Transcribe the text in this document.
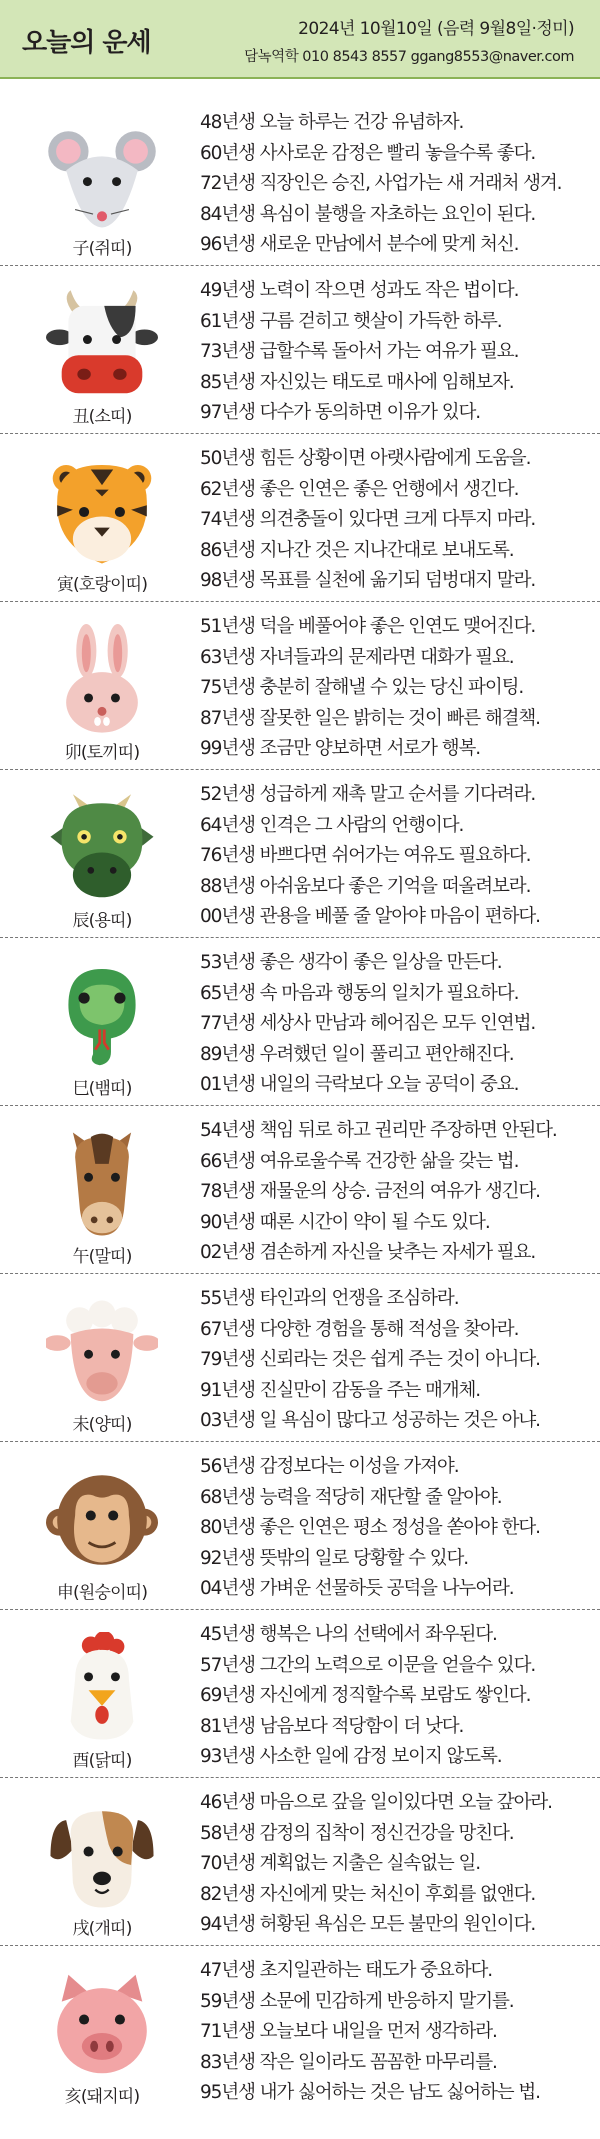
오늘의 운세	2024년 10월10일 (음력 9월8일·정미)
담녹역학 010 8543 8557 ggang8553@naver.com
子(쥐띠)
48년생 오늘 하루는 건강 유념하자.
60년생 사사로운 감정은 빨리 놓을수록 좋다.
72년생 직장인은 승진, 사업가는 새 거래처 생겨.
84년생 욕심이 불행을 자초하는 요인이 된다.
96년생 새로운 만남에서 분수에 맞게 처신.
丑(소띠)
49년생 노력이 작으면 성과도 작은 법이다.
61년생 구름 걷히고 햇살이 가득한 하루.
73년생 급할수록 돌아서 가는 여유가 필요.
85년생 자신있는 태도로 매사에 임해보자.
97년생 다수가 동의하면 이유가 있다.
寅(호랑이띠)
50년생 힘든 상황이면 아랫사람에게 도움을.
62년생 좋은 인연은 좋은 언행에서 생긴다.
74년생 의견충돌이 있다면 크게 다투지 마라.
86년생 지나간 것은 지나간대로 보내도록.
98년생 목표를 실천에 옮기되 덤벙대지 말라.
卯(토끼띠)
51년생 덕을 베풀어야 좋은 인연도 맺어진다.
63년생 자녀들과의 문제라면 대화가 필요.
75년생 충분히 잘해낼 수 있는 당신 파이팅.
87년생 잘못한 일은 밝히는 것이 빠른 해결책.
99년생 조금만 양보하면 서로가 행복.
辰(용띠)
52년생 성급하게 재촉 말고 순서를 기다려라.
64년생 인격은 그 사람의 언행이다.
76년생 바쁘다면 쉬어가는 여유도 필요하다.
88년생 아쉬움보다 좋은 기억을 떠올려보라.
00년생 관용을 베풀 줄 알아야 마음이 편하다.
巳(뱀띠)
53년생 좋은 생각이 좋은 일상을 만든다.
65년생 속 마음과 행동의 일치가 필요하다.
77년생 세상사 만남과 헤어짐은 모두 인연법.
89년생 우려했던 일이 풀리고 편안해진다.
01년생 내일의 극락보다 오늘 공덕이 중요.
午(말띠)
54년생 책임 뒤로 하고 권리만 주장하면 안된다.
66년생 여유로울수록 건강한 삶을 갖는 법.
78년생 재물운의 상승. 금전의 여유가 생긴다.
90년생 때론 시간이 약이 될 수도 있다.
02년생 겸손하게 자신을 낮추는 자세가 필요.
未(양띠)
55년생 타인과의 언쟁을 조심하라.
67년생 다양한 경험을 통해 적성을 찾아라.
79년생 신뢰라는 것은 쉽게 주는 것이 아니다.
91년생 진실만이 감동을 주는 매개체.
03년생 일 욕심이 많다고 성공하는 것은 아냐.
申(원숭이띠)
56년생 감정보다는 이성을 가져야.
68년생 능력을 적당히 재단할 줄 알아야.
80년생 좋은 인연은 평소 정성을 쏟아야 한다.
92년생 뜻밖의 일로 당황할 수 있다.
04년생 가벼운 선물하듯 공덕을 나누어라.
酉(닭띠)
45년생 행복은 나의 선택에서 좌우된다.
57년생 그간의 노력으로 이문을 얻을수 있다.
69년생 자신에게 정직할수록 보람도 쌓인다.
81년생 남음보다 적당함이 더 낫다.
93년생 사소한 일에 감정 보이지 않도록.
戌(개띠)
46년생 마음으로 갚을 일이있다면 오늘 갚아라.
58년생 감정의 집착이 정신건강을 망친다.
70년생 계획없는 지출은 실속없는 일.
82년생 자신에게 맞는 처신이 후회를 없앤다.
94년생 허황된 욕심은 모든 불만의 원인이다.
亥(돼지띠)
47년생 초지일관하는 태도가 중요하다.
59년생 소문에 민감하게 반응하지 말기를.
71년생 오늘보다 내일을 먼저 생각하라.
83년생 작은 일이라도 꼼꼼한 마무리를.
95년생 내가 싫어하는 것은 남도 싫어하는 법.
